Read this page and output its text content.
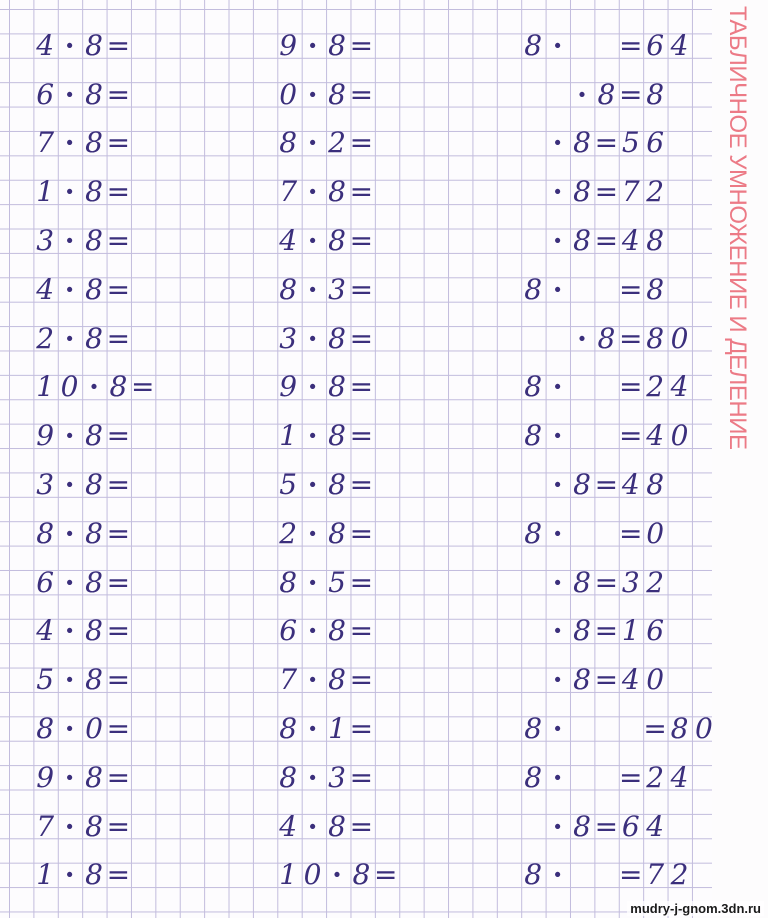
ТАБЛИЧНОЕ УМНОЖЕНИЕ И ДЕЛЕНИЕ
4 · 8 =	9 · 8 =	8 · = 6 4
6 · 8 =	0 · 8 =	· 8 = 8
7 · 8 =	8 · 2 =	· 8 = 5 6
1 · 8 =	7 · 8 =	· 8 = 7 2
3 · 8 =	4 · 8 =	· 8 = 4 8
4 · 8 =	8 · 3 =	8 · = 8
2 · 8 =	3 · 8 =	· 8 = 8 0
1 0 · 8 =	9 · 8 =	8 · = 2 4
9 · 8 =	1 · 8 =	8 · = 4 0
3 · 8 =	5 · 8 =	· 8 = 4 8
8 · 8 =	2 · 8 =	8 · = 0
6 · 8 =	8 · 5 =	· 8 = 3 2
4 · 8 =	6 · 8 =	· 8 = 1 6
5 · 8 =	7 · 8 =	· 8 = 4 0
8 · 0 =	8 · 1 =	8 ·	= 8 0
9 · 8 =	8 · 3 =	8 · = 2 4
7 · 8 =	4 · 8 =	· 8 = 6 4
1 · 8 =	1 0 · 8 =	8 · = 7 2
mudry-j-gnom.3dn.ru
